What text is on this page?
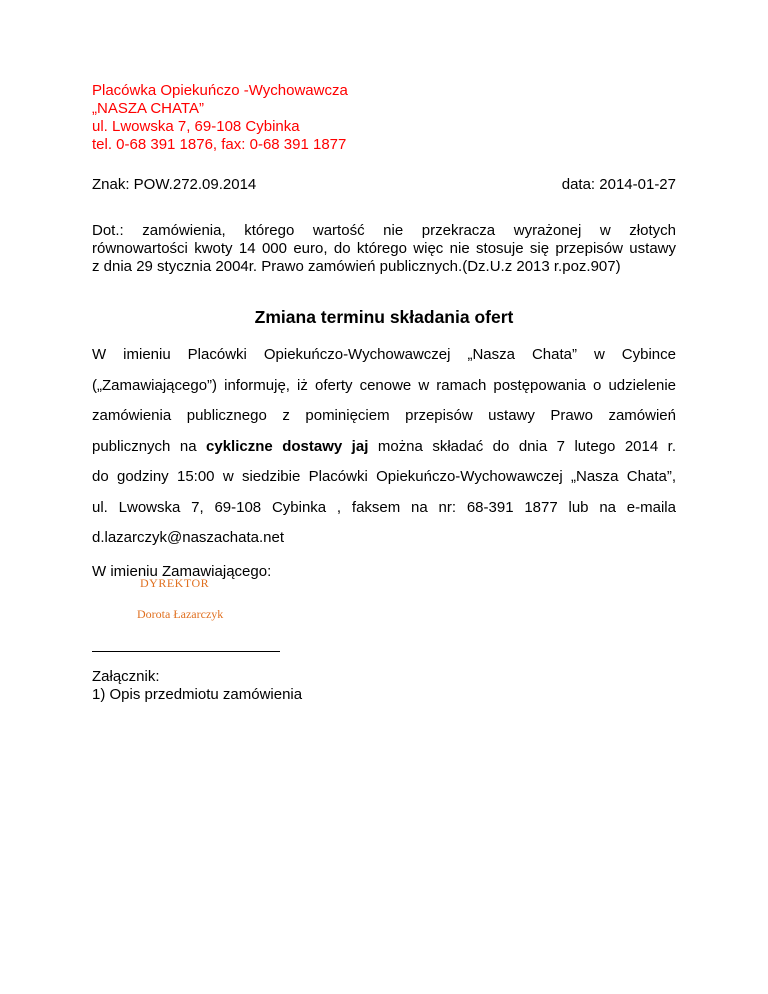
Placówka Opiekuńczo -Wychowawcza
„NASZA CHATA”
ul. Lwowska 7, 69-108 Cybinka
tel. 0-68 391 1876, fax: 0-68 391 1877
Znak: POW.272.09.2014	data: 2014-01-27
Dot.: zamówienia, którego wartość nie przekracza wyrażonej w złotych
równowartości kwoty 14 000 euro, do którego więc nie stosuje się przepisów ustawy
z dnia 29 stycznia 2004r. Prawo zamówień publicznych.(Dz.U.z 2013 r.poz.907)
Zmiana terminu składania ofert
W imieniu Placówki Opiekuńczo-Wychowawczej „Nasza Chata” w Cybince
(„Zamawiającego”) informuję, iż oferty cenowe w ramach postępowania o udzielenie
zamówienia publicznego z pominięciem przepisów ustawy Prawo zamówień
publicznych na cykliczne dostawy jaj można składać do dnia 7 lutego 2014 r.
do godziny 15:00 w siedzibie Placówki Opiekuńczo-Wychowawczej „Nasza Chata”,
ul. Lwowska 7, 69-108 Cybinka , faksem na nr: 68-391 1877 lub na e-maila
d.lazarczyk@naszachata.net
W imieniu Zamawiającego:
DYREKTOR
Dorota Łazarczyk
Załącznik:
1) Opis przedmiotu zamówienia
